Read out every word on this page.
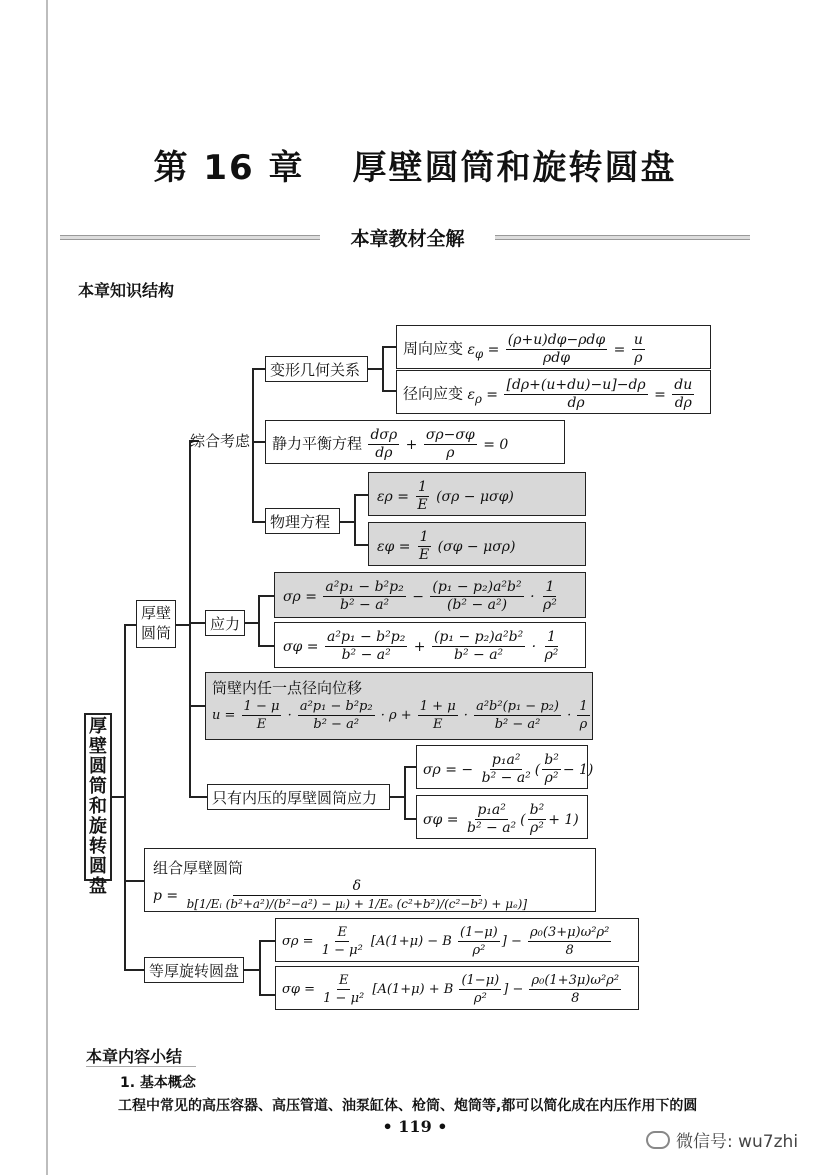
第 16 章 厚壁圆筒和旋转圆盘
本章教材全解
本章知识结构
厚
壁
圆
筒
和
旋
转
圆
盘
厚壁圆筒
综合考虑
变形几何关系
物理方程
应力
只有内压的厚壁圆筒应力
等厚旋转圆盘
周向应变 $\varepsilon_\varphi = \frac{\text{(ρ+u)dφ−ρdφ}}{\text{ρdφ}} = \frac{u}{\rho}$
径向应变 $\varepsilon_\rho = \frac{[d\rho+(u+du)-u]-d\rho}{d\rho} = \frac{du}{d\rho}$
静力平衡方程 $\frac{\text{dσρ}}{d\rho} + \frac{\sigma\rho-\sigma\varphi}{\rho} = 0$
$\varepsilon\rho = \frac{1}{E} (\sigma\rho - \mu\sigma\varphi)$
$\varepsilon\varphi = \frac{1}{E} (\sigma\varphi - \mu\sigma\rho)$
$\sigma\rho = \frac{\text{a²p₁ − b²p₂}}{\text{b² − a²}} - \frac{\text{(p₁ − p₂)a²b²}}{\text{(b² − a²)}} \cdot \frac{1}{\text{ρ²}}$
$\sigma\varphi = \frac{\text{a²p₁ − b²p₂}}{\text{b² − a²}} + \frac{\text{(p₁ − p₂)a²b²}}{\text{b² − a²}} \cdot \frac{1}{\text{ρ²}}$
筒壁内任一点径向位移
$u = \frac{1 - \mu}{E} \cdot \frac{\text{a²p₁ − b²p₂}}{\text{b² − a²}} \cdot \rho + \frac{1 + \mu}{E} \cdot \frac{\text{a²b²(p₁ − p₂)}}{\text{b² − a²}} \cdot \frac{1}{\rho}$
σρ = − $\frac{\text{p₁a²}}{\text{b² − a²}}$ ( $\frac{\text{b²}}{\text{ρ²}} - 1$)
$\sigma\varphi = \frac{\text{p₁a²}}{\text{b² − a²}}$ ( $\frac{\text{b²}}{\text{ρ²}} + 1$)
组合厚壁圆筒 $p = \frac{\delta}{\text{b[1/Eᵢ (b²+a²)/(b²−a²) − μᵢ) + 1/Eₑ (c²+b²)/(c²−b²) + μₑ)]}}$
$\sigma\rho = \frac{E}{\text{1 − μ²}} [A(1+\mu) - B \frac{(1-\mu)}{\text{ρ²}}$ ] − $\frac{\text{ρ₀(3+μ)ω²ρ²}}{8}$
$\sigma\varphi = \frac{E}{\text{1 − μ²}} [A(1+\mu) + B \frac{(1-\mu)}{\text{ρ²}}$ ] − $\frac{\text{ρ₀(1+3μ)ω²ρ²}}{8}$
本章内容小结
1. 基本概念
工程中常见的高压容器、高压管道、油泵缸体、枪筒、炮筒等,都可以简化成在内压作用下的圆
• 119 •
微信号: wu7zhi
